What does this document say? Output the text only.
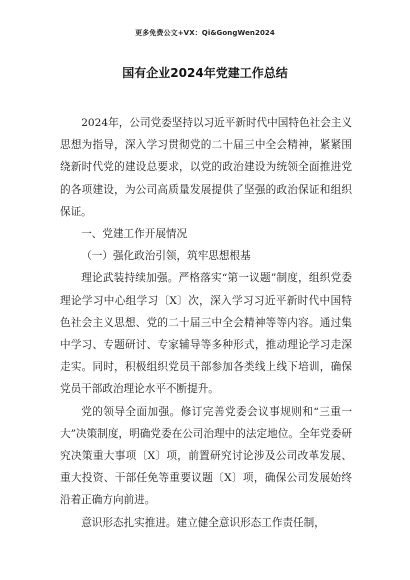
更多免费公文+VX：Qi&GongWen2024
国有企业2024年党建工作总结

2024年，公司党委坚持以习近平新时代中国特色社会主义思想为指导，深入学习贯彻党的二十届三中全会精神，紧紧围绕新时代党的建设总要求，以党的政治建设为统领全面推进党的各项建设，为公司高质量发展提供了坚强的政治保证和组织保证。

一、党建工作开展情况

（一）强化政治引领，筑牢思想根基

理论武装持续加强。严格落实“第一议题”制度，组织党委理论学习中心组学习〔X〕次，深入学习习近平新时代中国特色社会主义思想、党的二十届三中全会精神等等内容。通过集中学习、专题研讨、专家辅导等多种形式，推动理论学习走深走实。同时，积极组织党员干部参加各类线上线下培训，确保党员干部政治理论水平不断提升。

党的领导全面加强。修订完善党委会议事规则和“三重一大”决策制度，明确党委在公司治理中的法定地位。全年党委研究决策重大事项〔X〕项，前置研究讨论涉及公司改革发展、重大投资、干部任免等重要议题〔X〕项，确保公司发展始终沿着正确方向前进。

意识形态扎实推进。建立健全意识形态工作责任制，
